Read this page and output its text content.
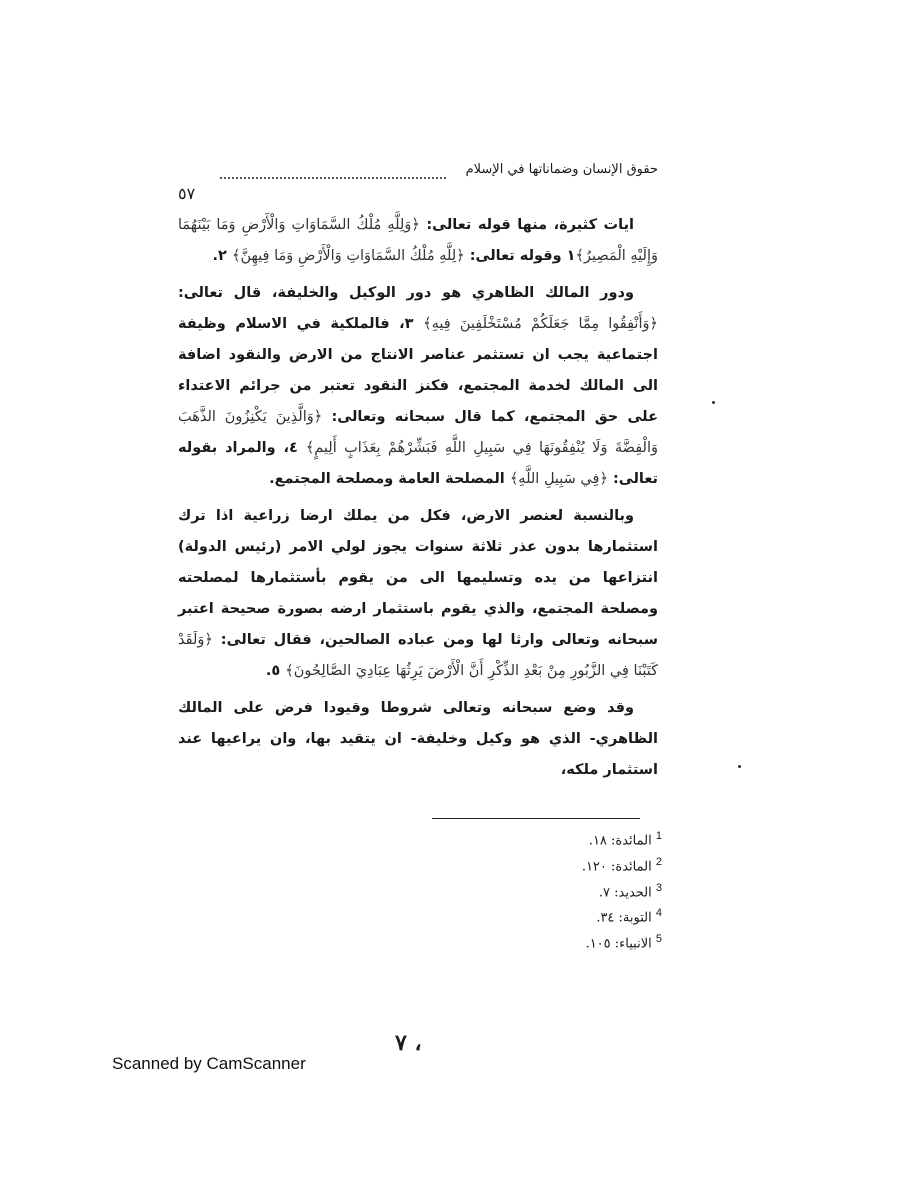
حقوق الإنسان وضماناتها في الإسلام
٥٧

ايات كثيرة، منها قوله تعالى: ﴿وَلِلَّهِ مُلْكُ السَّمَاوَاتِ وَالْأَرْضِ وَمَا بَيْنَهُمَا وَإِلَيْهِ الْمَصِيرُ﴾١ وقوله تعالى: ﴿لِلَّهِ مُلْكُ السَّمَاوَاتِ وَالْأَرْضِ وَمَا فِيهِنَّ﴾ ٢.

ودور المالك الظاهري هو دور الوكيل والخليفة، قال تعالى: ﴿وَأَنْفِقُوا مِمَّا جَعَلَكُمْ مُسْتَخْلَفِينَ فِيهِ﴾ ٣، فالملكية في الاسلام وظيفة اجتماعية يجب ان تستثمر عناصر الانتاج من الارض والنقود اضافة الى المالك لخدمة المجتمع، فكنز النقود تعتبر من جرائم الاعتداء على حق المجتمع، كما قال سبحانه وتعالى: ﴿وَالَّذِينَ يَكْنِزُونَ الذَّهَبَ وَالْفِضَّةَ وَلَا يُنْفِقُونَهَا فِي سَبِيلِ اللَّهِ فَبَشِّرْهُمْ بِعَذَابٍ أَلِيمٍ﴾ ٤، والمراد بقوله تعالى: ﴿فِي سَبِيلِ اللَّهِ﴾ المصلحة العامة ومصلحة المجتمع.

وبالنسبة لعنصر الارض، فكل من يملك ارضا زراعية اذا ترك استثمارها بدون عذر ثلاثة سنوات يجوز لولي الامر (رئيس الدولة) انتزاعها من يده وتسليمها الى من يقوم بأستثمارها لمصلحته ومصلحة المجتمع، والذي يقوم باستثمار ارضه بصورة صحيحة اعتبر سبحانه وتعالى وارثا لها ومن عباده الصالحين، فقال تعالى: ﴿وَلَقَدْ كَتَبْنَا فِي الزَّبُورِ مِنْ بَعْدِ الذِّكْرِ أَنَّ الْأَرْضَ يَرِثُهَا عِبَادِيَ الصَّالِحُونَ﴾ ٥.

وقد وضع سبحانه وتعالى شروطا وقيودا فرض على المالك الظاهري- الذي هو وكيل وخليفة- ان يتقيد بها، وان يراعيها عند استثمار ملكه،

$^1$ المائدة: ١٨.
$^2$ المائدة: ١٢٠.
$^3$ الحديد: ٧.
$^4$ التوبة: ٣٤.
$^5$ الانبياء: ١٠٥.
٧ ،
Scanned by CamScanner
